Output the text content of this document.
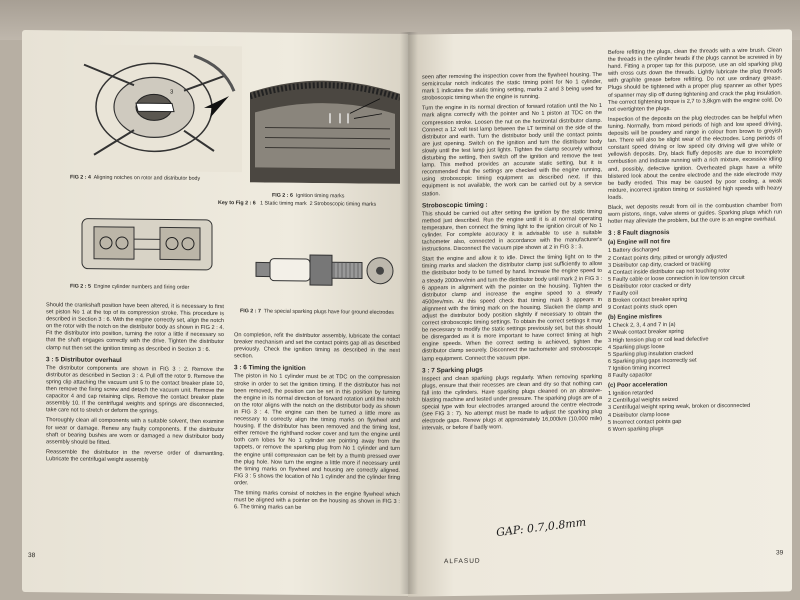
FIG 2 : 4 Aligning notches on rotor and distributor body
3
FIG 2 : 6 Ignition timing marks
Key to Fig 2 : 6 1 Static timing mark 2 Stroboscopic timing marks
FIG 2 : 5 Engine cylinder numbers and firing order
FIG 2 : 7 The special sparking plugs have four ground electrodes

Should the crankshaft position have been altered, it is necessary to first set piston No 1 at the top of its compression stroke. This procedure is described in Section 3 : 6. With the engine correctly set, align the notch on the rotor with the notch on the distributor body as shown in FIG 2 : 4. Fit the distributor into position, turning the rotor a little if necessary so that the shaft engages correctly with the drive. Tighten the distributor clamp nut then set the ignition timing as described in Section 3 : 6.

3 : 5 Distributor overhaul

The distributor components are shown in FIG 3 : 2. Remove the distributor as described in Section 3 : 4. Pull off the rotor 9. Remove the spring clip attaching the vacuum unit 5 to the contact breaker plate 10, then remove the fixing screw and detach the vacuum unit. Remove the capacitor 4 and cap retaining clips. Remove the contact breaker plate assembly 10. If the centrifugal weights and springs are disconnected, take care not to stretch or deform the springs.

Thoroughly clean all components with a suitable solvent, then examine for wear or damage. Renew any faulty components. If the distributor shaft or bearing bushes are worn or damaged a new distributor body assembly should be fitted.

Reassemble the distributor in the reverse order of dismantling. Lubricate the centrifugal weight assembly

On completion, refit the distributor assembly, lubricate the contact breaker mechanism and set the contact points gap all as described previously. Check the ignition timing as described in the next section.

3 : 6 Timing the ignition

The piston in No 1 cylinder must be at TDC on the compression stroke in order to set the ignition timing. If the distributor has not been removed, the position can be set in this position by turning the engine in its normal direction of forward rotation until the notch on the rotor aligns with the notch on the distributor body as shown in FIG 3 : 4. The engine can then be turned a little more as necessary to correctly align the timing marks on flywheel and housing. If the distributor has been removed and the timing lost, either remove the righthand rocker cover and turn the engine until both cam lobes for No 1 cylinder are pointing away from the tappets, or remove the sparking plug from No 1 cylinder and turn the engine until compression can be felt by a thumb pressed over the plug hole. Now turn the engine a little more if necessary until the timing marks on flywheel and housing are correctly aligned. FIG 3 : 5 shows the location of No 1 cylinder and the cylinder firing order.

The timing marks consist of notches in the engine flywheel which must be aligned with a pointer on the housing as shown in FIG 3 : 6. The timing marks can be

38

seen after removing the inspection cover from the flywheel housing. The semicircular notch indicates the static timing point for No 1 cylinder, mark 1 indicates the static timing setting, marks 2 and 3 being used for stroboscopic timing when the engine is running.

Turn the engine in its normal direction of forward rotation until the No 1 mark aligns correctly with the pointer and No 1 piston at TDC on the compression stroke. Loosen the nut on the horizontal distributor clamp. Connect a 12 volt test lamp between the LT terminal on the side of the distributor and earth. Turn the distributor body until the contact points are just opening. Switch on the ignition and turn the distributor body slowly until the test lamp just lights. Tighten the clamp securely without disturbing the setting, then switch off the ignition and remove the test lamp. This method provides an accurate static setting, but it is recommended that the settings are checked with the engine running, using stroboscopic timing equipment as described next. If this equipment is not available, the work can be carried out by a service station.

Stroboscopic timing :

This should be carried out after setting the ignition by the static timing method just described. Run the engine until it is at normal operating temperature, then connect the timing light to the ignition circuit of No 1 cylinder. For complete accuracy it is advisable to use a suitable tachometer also, connected in accordance with the manufacturer's instructions. Disconnect the vacuum pipe shown at 2 in FIG 3 : 3.

Start the engine and allow it to idle. Direct the timing light on to the timing marks and slacken the distributor clamp just sufficiently to allow the distributor body to be turned by hand. Increase the engine speed to a steady 2000rev/min and turn the distributor body until mark 2 in FIG 3 : 6 appears in alignment with the pointer on the housing. Tighten the distributor clamp and increase the engine speed to a steady 4500rev/min. At this speed check that timing mark 3 appears in alignment with the timing mark on the housing. Slacken the clamp and adjust the distributor body position slightly if necessary to obtain the correct stroboscopic timing settings. To obtain the correct settings it may be necessary to modify the static settings previously set, but this should be disregarded as it is more important to have correct timing at high engine speeds. When the correct setting is achieved, tighten the distributor clamp securely. Disconnect the tachometer and stroboscopic lamp equipment. Connect the vacuum pipe.

3 : 7 Sparking plugs

Inspect and clean sparking plugs regularly. When removing sparking plugs, ensure that their recesses are clean and dry so that nothing can fall into the cylinders. Have sparking plugs cleaned on an abrasive-blasting machine and tested under pressure. The sparking plugs are of a special type with four electrodes arranged around the centre electrode (see FIG 3 : 7). No attempt must be made to adjust the sparking plug electrode gaps. Renew plugs at approximately 16,000km (10,000 mile) intervals, or before if badly worn.

Before refitting the plugs, clean the threads with a wire brush. Clean the threads in the cylinder heads if the plugs cannot be screwed in by hand. Fitting a proper tap for this purpose, use an old sparking plug with cross cuts down the threads. Lightly lubricate the plug threads with graphite grease before refitting. Do not use ordinary grease. Plugs should be tightened with a proper plug spanner as other types of spanner may slip off during tightening and crack the plug insulation. The correct tightening torque is 2,7 to 3,8kgm with the engine cold. Do not overtighten the plugs.

Inspection of the deposits on the plug electrodes can be helpful when tuning. Normally, from mixed periods of high and low speed driving, deposits will be powdery and range in colour from brown to greyish tan. There will also be slight wear of the electrodes. Long periods of constant speed driving or low speed city driving will give white or yellowish deposits. Dry, black fluffy deposits are due to incomplete combustion and indicate running with a rich mixture, excessive idling and, possibly, defective ignition. Overheated plugs have a white blistered look about the centre electrode and the side electrode may be badly eroded. This may be caused by poor cooling, a weak mixture, incorrect ignition timing or sustained high speeds with heavy loads.

Black, wet deposits result from oil in the combustion chamber from worn pistons, rings, valve stems or guides. Sparking plugs which run hotter may alleviate the problem, but the cure is an engine overhaul.

3 : 8 Fault diagnosis
(a) Engine will not fire
1 Battery discharged
2 Contact points dirty, pitted or wrongly adjusted
3 Distributor cap dirty, cracked or tracking
4 Contact inside distributor cap not touching rotor
5 Faulty cable or loose connection in low tension circuit
6 Distributor rotor cracked or dirty
7 Faulty coil
8 Broken contact breaker spring
9 Contact points stuck open
(b) Engine misfires
1 Check 2, 3, 4 and 7 in (a)
2 Weak contact breaker spring
3 High tension plug or coil lead defective
4 Sparking plugs loose
5 Sparking plug insulation cracked
6 Sparking plug gaps incorrectly set
7 Ignition timing incorrect
8 Faulty capacitor
(c) Poor acceleration
1 Ignition retarded
2 Centrifugal weights seized
3 Centrifugal weight spring weak, broken or disconnected
4 Distributor clamp loose
5 Incorrect contact points gap
6 Worn sparking plugs
GAP: 0.7,0.8mm
ALFASUD
39
